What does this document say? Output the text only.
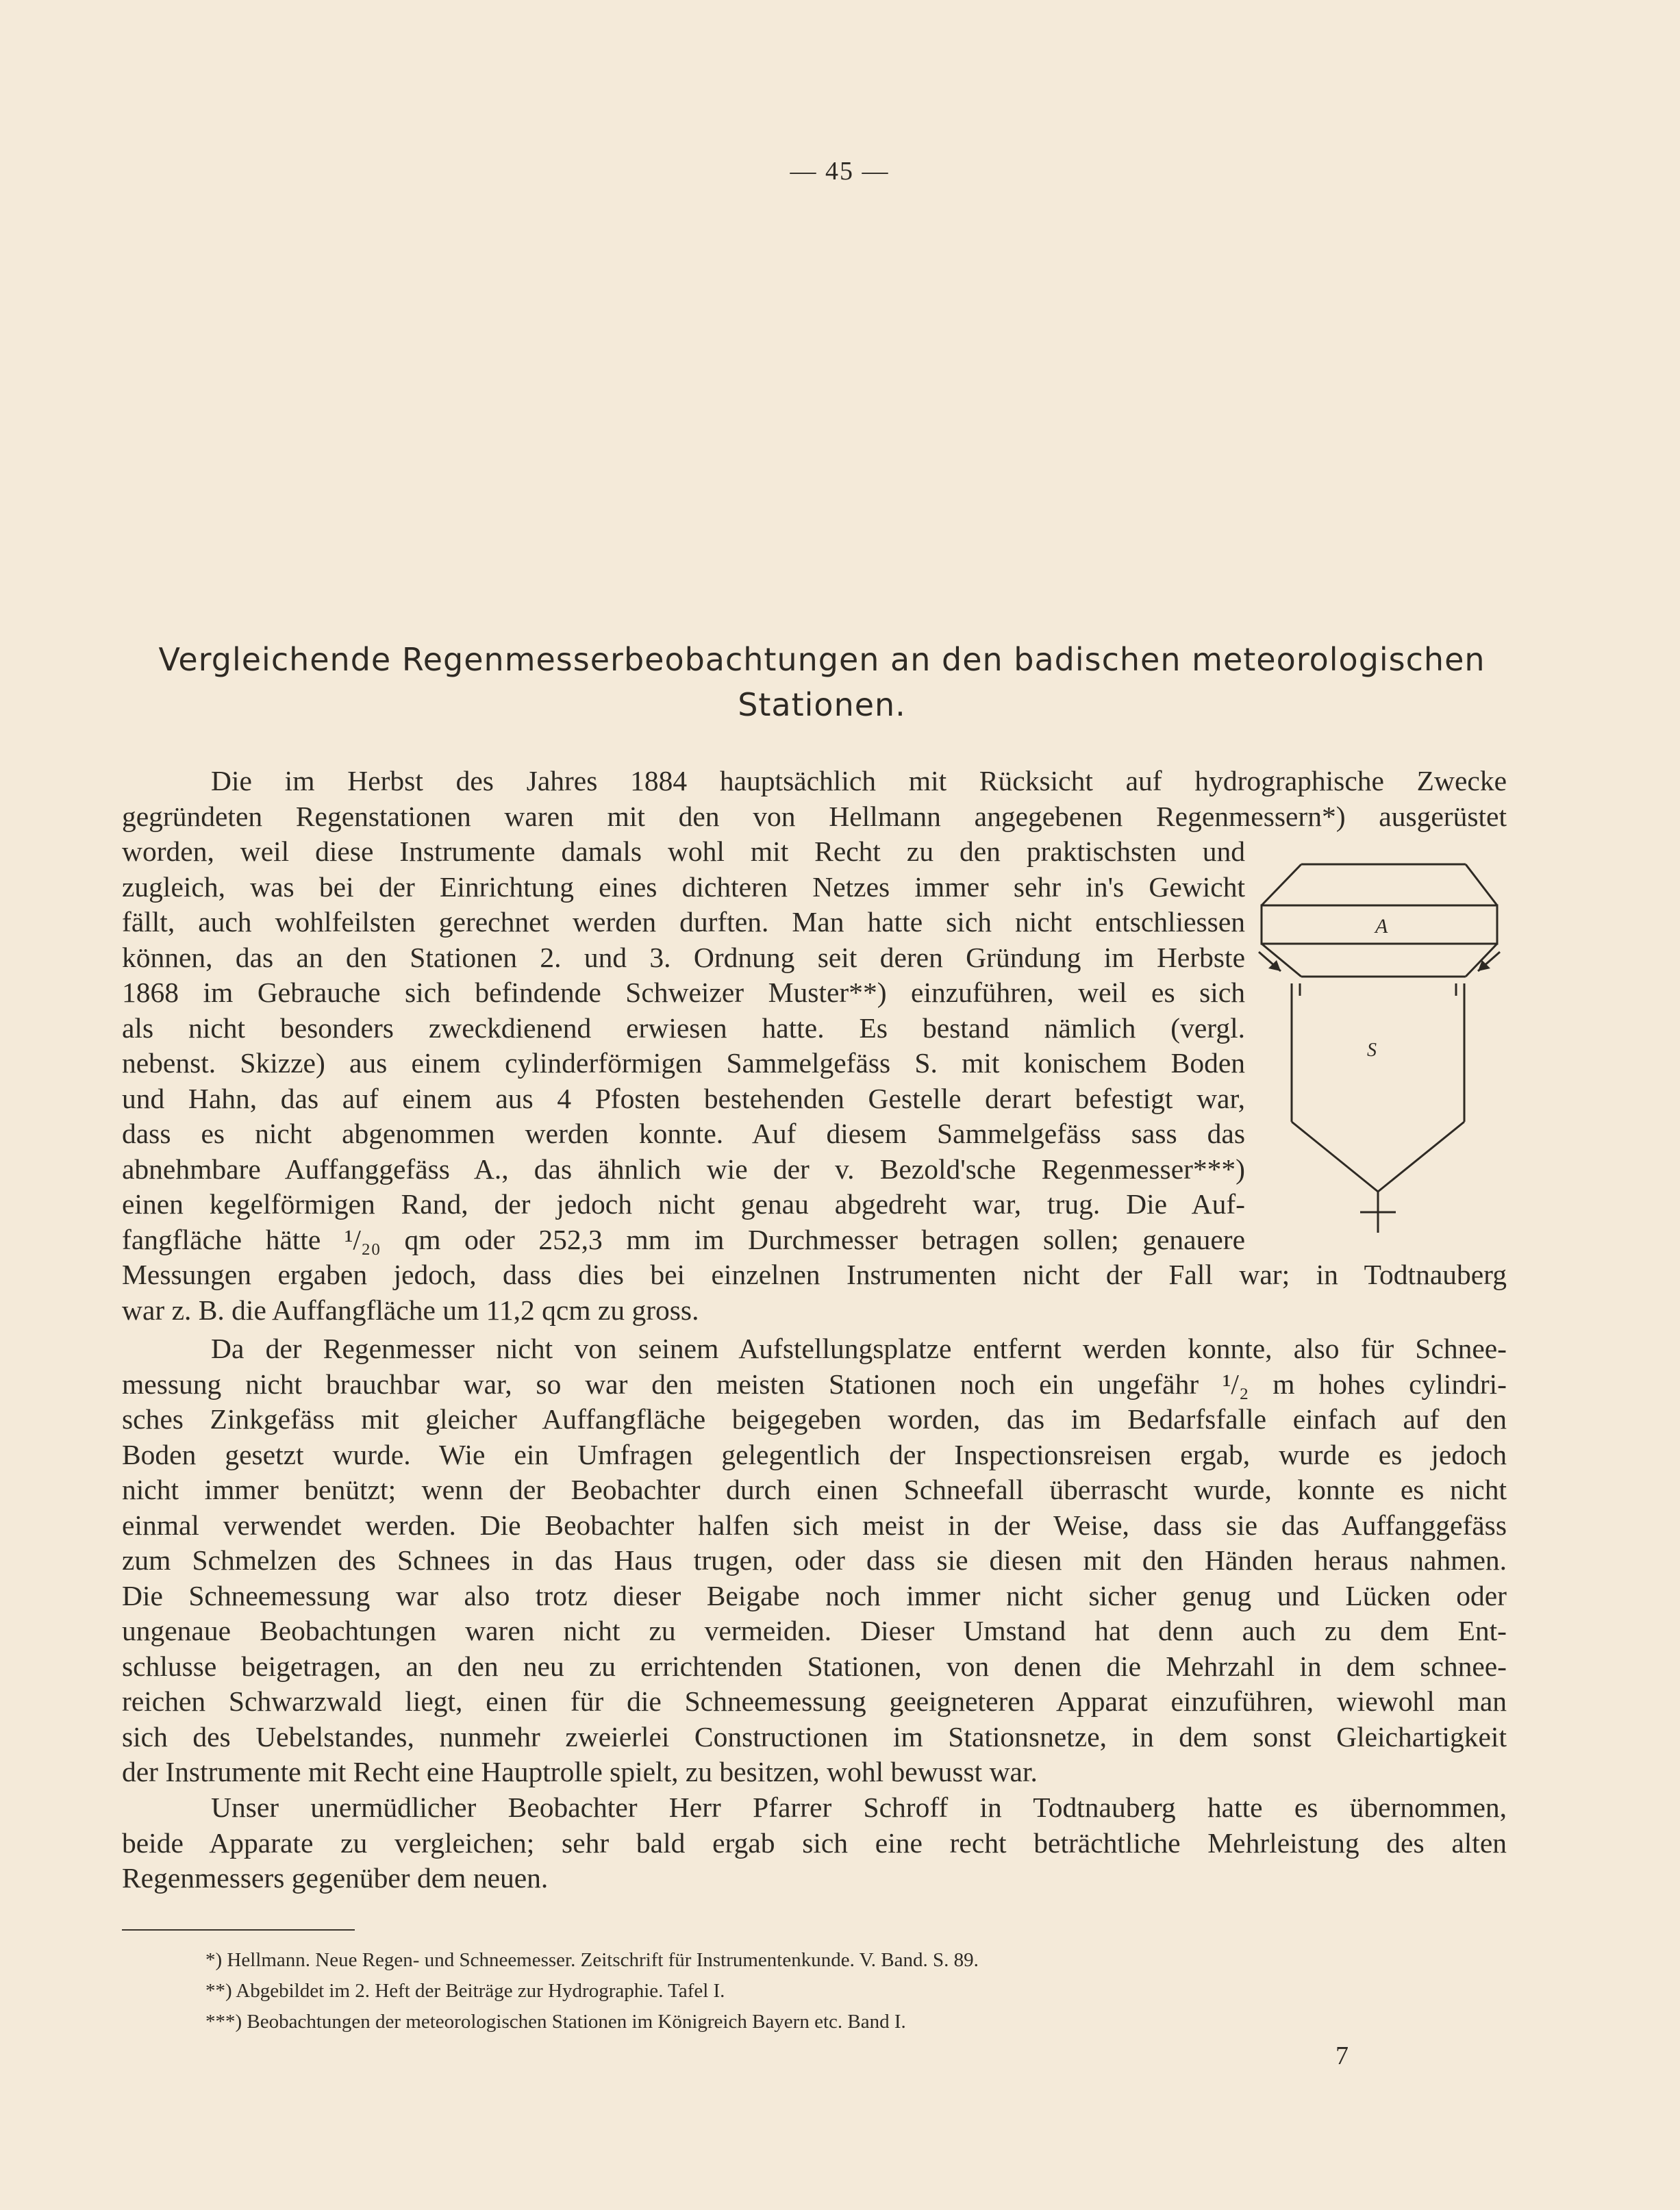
— 45 —
Vergleichende Regenmesserbeobachtungen an den badischen meteorologischen
Stationen.
Die im Herbst des Jahres 1884 hauptsächlich mit Rücksicht auf hydrographische Zwecke
gegründeten Regenstationen waren mit den von Hellmann angegebenen Regenmessern*) ausgerüstet
worden, weil diese Instrumente damals wohl mit Recht zu den praktischsten und
zugleich, was bei der Einrichtung eines dichteren Netzes immer sehr in's Gewicht
fällt, auch wohlfeilsten gerechnet werden durften. Man hatte sich nicht entschliessen
können, das an den Stationen 2. und 3. Ordnung seit deren Gründung im Herbste
1868 im Gebrauche sich befindende Schweizer Muster**) einzuführen, weil es sich
als nicht besonders zweckdienend erwiesen hatte. Es bestand nämlich (vergl.
nebenst. Skizze) aus einem cylinderförmigen Sammelgefäss S. mit konischem Boden
und Hahn, das auf einem aus 4 Pfosten bestehenden Gestelle derart befestigt war,
dass es nicht abgenommen werden konnte. Auf diesem Sammelgefäss sass das
abnehmbare Auffanggefäss A., das ähnlich wie der v. Bezold'sche Regenmesser***)
einen kegelförmigen Rand, der jedoch nicht genau abgedreht war, trug. Die Auf-
fangfläche hätte ¹/₂₀ qm oder 252,3 mm im Durchmesser betragen sollen; genauere
Messungen ergaben jedoch, dass dies bei einzelnen Instrumenten nicht der Fall war; in Todtnauberg
war z. B. die Auffangfläche um 11,2 qcm zu gross.
A
S
Da der Regenmesser nicht von seinem Aufstellungsplatze entfernt werden konnte, also für Schnee-
messung nicht brauchbar war, so war den meisten Stationen noch ein ungefähr ¹/₂ m hohes cylindri-
sches Zinkgefäss mit gleicher Auffangfläche beigegeben worden, das im Bedarfsfalle einfach auf den
Boden gesetzt wurde. Wie ein Umfragen gelegentlich der Inspectionsreisen ergab, wurde es jedoch
nicht immer benützt; wenn der Beobachter durch einen Schneefall überrascht wurde, konnte es nicht
einmal verwendet werden. Die Beobachter halfen sich meist in der Weise, dass sie das Auffanggefäss
zum Schmelzen des Schnees in das Haus trugen, oder dass sie diesen mit den Händen heraus nahmen.
Die Schneemessung war also trotz dieser Beigabe noch immer nicht sicher genug und Lücken oder
ungenaue Beobachtungen waren nicht zu vermeiden. Dieser Umstand hat denn auch zu dem Ent-
schlusse beigetragen, an den neu zu errichtenden Stationen, von denen die Mehrzahl in dem schnee-
reichen Schwarzwald liegt, einen für die Schneemessung geeigneteren Apparat einzuführen, wiewohl man
sich des Uebelstandes, nunmehr zweierlei Constructionen im Stationsnetze, in dem sonst Gleichartigkeit
der Instrumente mit Recht eine Hauptrolle spielt, zu besitzen, wohl bewusst war.
Unser unermüdlicher Beobachter Herr Pfarrer Schroff in Todtnauberg hatte es übernommen,
beide Apparate zu vergleichen; sehr bald ergab sich eine recht beträchtliche Mehrleistung des alten
Regenmessers gegenüber dem neuen.
*) Hellmann. Neue Regen- und Schneemesser. Zeitschrift für Instrumentenkunde. V. Band. S. 89.
**) Abgebildet im 2. Heft der Beiträge zur Hydrographie. Tafel I.
***) Beobachtungen der meteorologischen Stationen im Königreich Bayern etc. Band I.
7
